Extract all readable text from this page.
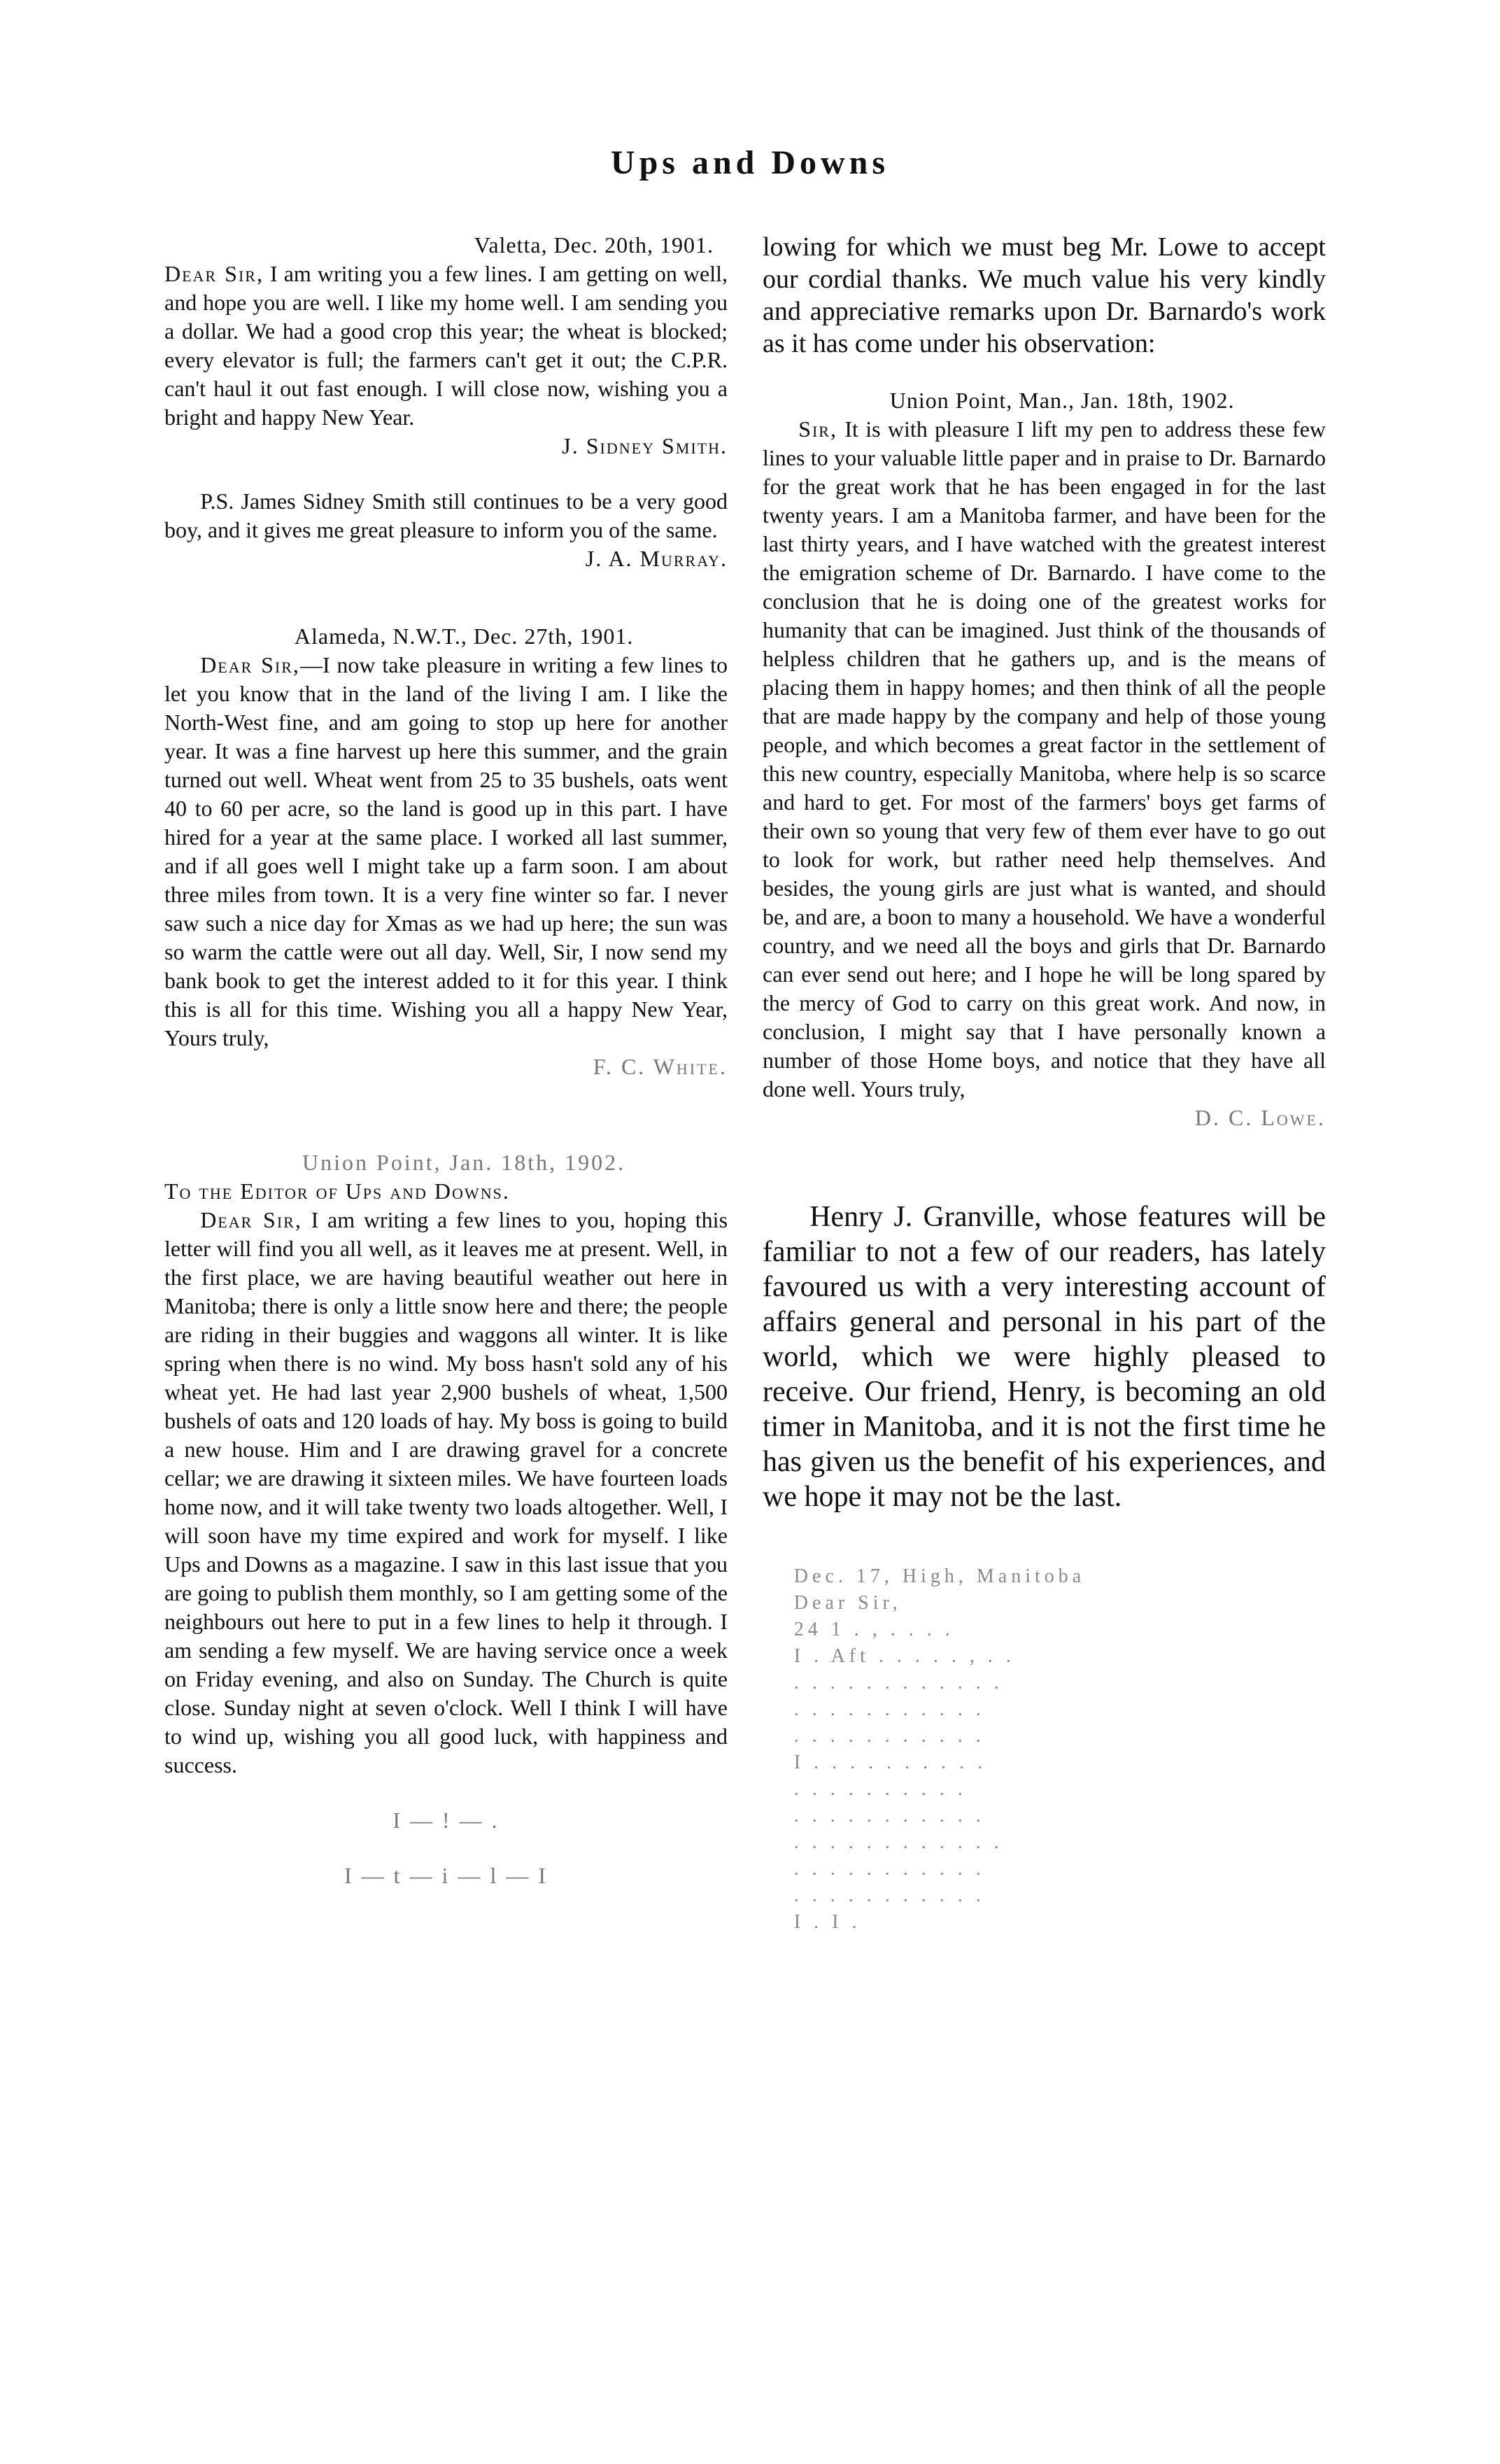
Ups and Downs

Valetta, Dec. 20th, 1901.

Dear Sir, I am writing you a few lines. I am getting on well, and hope you are well. I like my home well. I am sending you a dollar. We had a good crop this year; the wheat is blocked; every elevator is full; the farmers can't get it out; the C.P.R. can't haul it out fast enough. I will close now, wishing you a bright and happy New Year.

J. Sidney Smith.

P.S. James Sidney Smith still continues to be a very good boy, and it gives me great pleasure to inform you of the same.

J. A. Murray.

Alameda, N.W.T., Dec. 27th, 1901.

Dear Sir,—I now take pleasure in writing a few lines to let you know that in the land of the living I am. I like the North-West fine, and am going to stop up here for another year. It was a fine harvest up here this summer, and the grain turned out well. Wheat went from 25 to 35 bushels, oats went 40 to 60 per acre, so the land is good up in this part. I have hired for a year at the same place. I worked all last summer, and if all goes well I might take up a farm soon. I am about three miles from town. It is a very fine winter so far. I never saw such a nice day for Xmas as we had up here; the sun was so warm the cattle were out all day. Well, Sir, I now send my bank book to get the interest added to it for this year. I think this is all for this time. Wishing you all a happy New Year, Yours truly,

F. C. White.

Union Point, Jan. 18th, 1902.

To the Editor of Ups and Downs.

Dear Sir, I am writing a few lines to you, hoping this letter will find you all well, as it leaves me at present. Well, in the first place, we are having beautiful weather out here in Manitoba; there is only a little snow here and there; the people are riding in their buggies and waggons all winter. It is like spring when there is no wind. My boss hasn't sold any of his wheat yet. He had last year 2,900 bushels of wheat, 1,500 bushels of oats and 120 loads of hay. My boss is going to build a new house. Him and I are drawing gravel for a concrete cellar; we are drawing it sixteen miles. We have fourteen loads home now, and it will take twenty two loads altogether. Well, I will soon have my time expired and work for myself. I like Ups and Downs as a magazine. I saw in this last issue that you are going to publish them monthly, so I am getting some of the neighbours out here to put in a few lines to help it through. I am sending a few myself. We are having service once a week on Friday evening, and also on Sunday. The Church is quite close. Sunday night at seven o'clock. Well I think I will have to wind up, wishing you all good luck, with happiness and success.

I — ! — .

I — t — i — l — I

lowing for which we must beg Mr. Lowe to accept our cordial thanks. We much value his very kindly and appreciative remarks upon Dr. Barnardo's work as it has come under his observation:

Union Point, Man., Jan. 18th, 1902.

Sir, It is with pleasure I lift my pen to address these few lines to your valuable little paper and in praise to Dr. Barnardo for the great work that he has been engaged in for the last twenty years. I am a Manitoba farmer, and have been for the last thirty years, and I have watched with the greatest interest the emigration scheme of Dr. Barnardo. I have come to the conclusion that he is doing one of the greatest works for humanity that can be imagined. Just think of the thousands of helpless children that he gathers up, and is the means of placing them in happy homes; and then think of all the people that are made happy by the company and help of those young people, and which becomes a great factor in the settlement of this new country, especially Manitoba, where help is so scarce and hard to get. For most of the farmers' boys get farms of their own so young that very few of them ever have to go out to look for work, but rather need help themselves. And besides, the young girls are just what is wanted, and should be, and are, a boon to many a household. We have a wonderful country, and we need all the boys and girls that Dr. Barnardo can ever send out here; and I hope he will be long spared by the mercy of God to carry on this great work. And now, in conclusion, I might say that I have personally known a number of those Home boys, and notice that they have all done well. Yours truly,

D. C. Lowe.

Henry J. Granville, whose features will be familiar to not a few of our readers, has lately favoured us with a very interesting account of affairs general and personal in his part of the world, which we were highly pleased to receive. Our friend, Henry, is becoming an old timer in Manitoba, and it is not the first time he has given us the benefit of his experiences, and we hope it may not be the last.

Dec. 17, High, Manitoba

Dear Sir,

24 1 . , . . . .

I . Aft . . . . . , . .

. . . . . . . . . . . .

. . . . . . . . . . .

. . . . . . . . . . .

I . . . . . . . . . .

. . . . . . . . . .

. . . . . . . . . . .

. . . . . . . . . . . .

. . . . . . . . . . .

. . . . . . . . . . .

I . I .
